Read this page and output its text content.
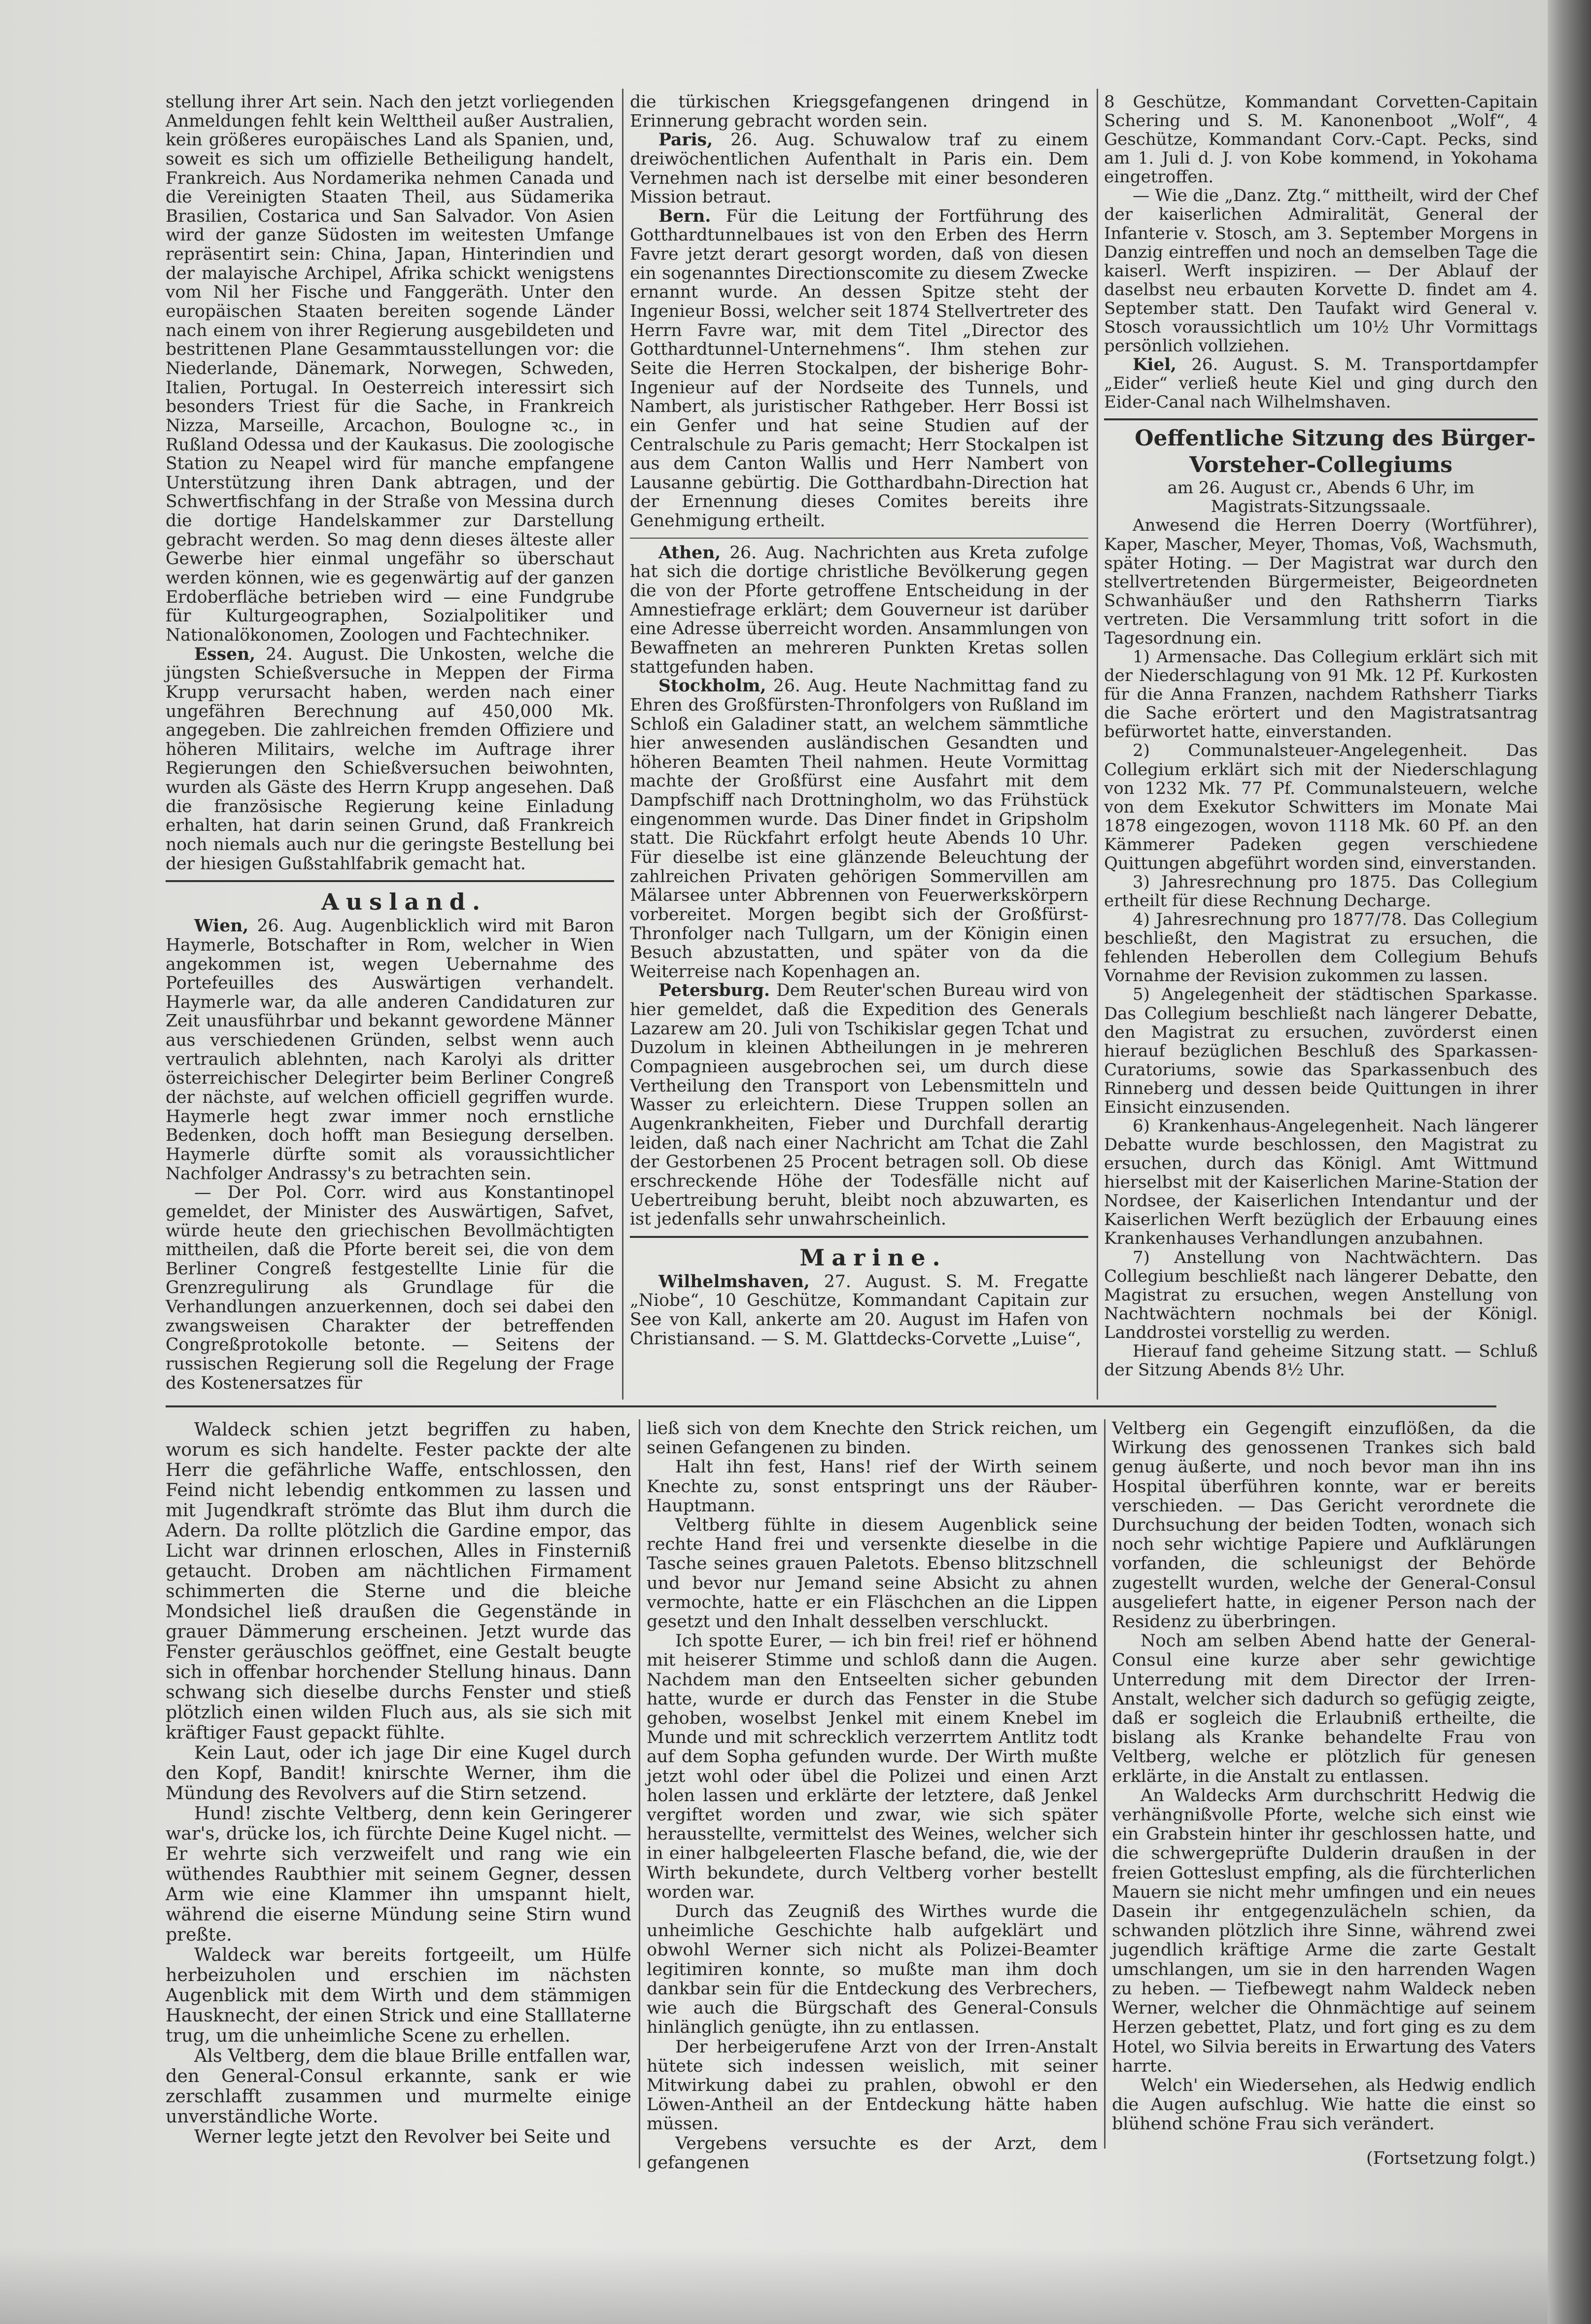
stellung ihrer Art sein. Nach den jetzt vorliegenden Anmeldungen fehlt kein Welttheil außer Australien, kein größeres europäisches Land als Spanien, und, soweit es sich um offizielle Betheiligung handelt, Frankreich. Aus Nordamerika nehmen Canada und die Vereinigten Staaten Theil, aus Südamerika Brasilien, Costarica und San Salvador. Von Asien wird der ganze Südosten im weitesten Umfange repräsentirt sein: China, Japan, Hinterindien und der malayische Archipel, Afrika schickt wenigstens vom Nil her Fische und Fanggeräth. Unter den europäischen Staaten bereiten sogende Länder nach einem von ihrer Regierung ausgebildeten und bestrittenen Plane Gesammtausstellungen vor: die Niederlande, Dänemark, Norwegen, Schweden, Italien, Portugal. In Oesterreich interessirt sich besonders Triest für die Sache, in Frankreich Nizza, Marseille, Arcachon, Boulogne ꝛc., in Rußland Odessa und der Kaukasus. Die zoologische Station zu Neapel wird für manche empfangene Unterstützung ihren Dank abtragen, und der Schwertfischfang in der Straße von Messina durch die dortige Handelskammer zur Darstellung gebracht werden. So mag denn dieses älteste aller Gewerbe hier einmal ungefähr so überschaut werden können, wie es gegenwärtig auf der ganzen Erdoberfläche betrieben wird — eine Fundgrube für Kulturgeographen, Sozialpolitiker und Nationalökonomen, Zoologen und Fachtechniker.

Essen, 24. August. Die Unkosten, welche die jüngsten Schießversuche in Meppen der Firma Krupp verursacht haben, werden nach einer ungefähren Berechnung auf 450,000 Mk. angegeben. Die zahlreichen fremden Offiziere und höheren Militairs, welche im Auftrage ihrer Regierungen den Schießversuchen beiwohnten, wurden als Gäste des Herrn Krupp angesehen. Daß die französische Regierung keine Einladung erhalten, hat darin seinen Grund, daß Frankreich noch niemals auch nur die geringste Bestellung bei der hiesigen Gußstahlfabrik gemacht hat.

Ausland.

Wien, 26. Aug. Augenblicklich wird mit Baron Haymerle, Botschafter in Rom, welcher in Wien angekommen ist, wegen Uebernahme des Portefeuilles des Auswärtigen verhandelt. Haymerle war, da alle anderen Candidaturen zur Zeit unausführbar und bekannt gewordene Männer aus verschiedenen Gründen, selbst wenn auch vertraulich ablehnten, nach Karolyi als dritter österreichischer Delegirter beim Berliner Congreß der nächste, auf welchen officiell gegriffen wurde. Haymerle hegt zwar immer noch ernstliche Bedenken, doch hofft man Besiegung derselben. Haymerle dürfte somit als voraussichtlicher Nachfolger Andrassy's zu betrachten sein.

— Der Pol. Corr. wird aus Konstantinopel gemeldet, der Minister des Auswärtigen, Safvet, würde heute den griechischen Bevollmächtigten mittheilen, daß die Pforte bereit sei, die von dem Berliner Congreß festgestellte Linie für die Grenzregulirung als Grundlage für die Verhandlungen anzuerkennen, doch sei dabei den zwangsweisen Charakter der betreffenden Congreßprotokolle betonte. — Seitens der russischen Regierung soll die Regelung der Frage des Kostenersatzes für

die türkischen Kriegsgefangenen dringend in Erinnerung gebracht worden sein.

Paris, 26. Aug. Schuwalow traf zu einem dreiwöchentlichen Aufenthalt in Paris ein. Dem Vernehmen nach ist derselbe mit einer besonderen Mission betraut.

Bern. Für die Leitung der Fortführung des Gotthardtunnelbaues ist von den Erben des Herrn Favre jetzt derart gesorgt worden, daß von diesen ein sogenanntes Directionscomite zu diesem Zwecke ernannt wurde. An dessen Spitze steht der Ingenieur Bossi, welcher seit 1874 Stellvertreter des Herrn Favre war, mit dem Titel „Director des Gotthardtunnel-Unternehmens“. Ihm stehen zur Seite die Herren Stockalpen, der bisherige Bohr-Ingenieur auf der Nordseite des Tunnels, und Nambert, als juristischer Rathgeber. Herr Bossi ist ein Genfer und hat seine Studien auf der Centralschule zu Paris gemacht; Herr Stockalpen ist aus dem Canton Wallis und Herr Nambert von Lausanne gebürtig. Die Gotthardbahn-Direction hat der Ernennung dieses Comites bereits ihre Genehmigung ertheilt.

Athen, 26. Aug. Nachrichten aus Kreta zufolge hat sich die dortige christliche Bevölkerung gegen die von der Pforte getroffene Entscheidung in der Amnestiefrage erklärt; dem Gouverneur ist darüber eine Adresse überreicht worden. Ansammlungen von Bewaffneten an mehreren Punkten Kretas sollen stattgefunden haben.

Stockholm, 26. Aug. Heute Nachmittag fand zu Ehren des Großfürsten-Thronfolgers von Rußland im Schloß ein Galadiner statt, an welchem sämmtliche hier anwesenden ausländischen Gesandten und höheren Beamten Theil nahmen. Heute Vormittag machte der Großfürst eine Ausfahrt mit dem Dampfschiff nach Drottningholm, wo das Frühstück eingenommen wurde. Das Diner findet in Gripsholm statt. Die Rückfahrt erfolgt heute Abends 10 Uhr. Für dieselbe ist eine glänzende Beleuchtung der zahlreichen Privaten gehörigen Sommervillen am Mälarsee unter Abbrennen von Feuerwerkskörpern vorbereitet. Morgen begibt sich der Großfürst-Thronfolger nach Tullgarn, um der Königin einen Besuch abzustatten, und später von da die Weiterreise nach Kopenhagen an.

Petersburg. Dem Reuter'schen Bureau wird von hier gemeldet, daß die Expedition des Generals Lazarew am 20. Juli von Tschikislar gegen Tchat und Duzolum in kleinen Abtheilungen in je mehreren Compagnieen ausgebrochen sei, um durch diese Vertheilung den Transport von Lebensmitteln und Wasser zu erleichtern. Diese Truppen sollen an Augenkrankheiten, Fieber und Durchfall derartig leiden, daß nach einer Nachricht am Tchat die Zahl der Gestorbenen 25 Procent betragen soll. Ob diese erschreckende Höhe der Todesfälle nicht auf Uebertreibung beruht, bleibt noch abzuwarten, es ist jedenfalls sehr unwahrscheinlich.

Marine.

Wilhelmshaven, 27. August. S. M. Fregatte „Niobe“, 10 Geschütze, Kommandant Capitain zur See von Kall, ankerte am 20. August im Hafen von Christiansand. — S. M. Glattdecks-Corvette „Luise“,

8 Geschütze, Kommandant Corvetten-Capitain Schering und S. M. Kanonenboot „Wolf“, 4 Geschütze, Kommandant Corv.-Capt. Pecks, sind am 1. Juli d. J. von Kobe kommend, in Yokohama eingetroffen.

— Wie die „Danz. Ztg.“ mittheilt, wird der Chef der kaiserlichen Admiralität, General der Infanterie v. Stosch, am 3. September Morgens in Danzig eintreffen und noch an demselben Tage die kaiserl. Werft inspiziren. — Der Ablauf der daselbst neu erbauten Korvette D. findet am 4. September statt. Den Taufakt wird General v. Stosch voraussichtlich um 10½ Uhr Vormittags persönlich vollziehen.

Kiel, 26. August. S. M. Transportdampfer „Eider“ verließ heute Kiel und ging durch den Eider-Canal nach Wilhelmshaven.

Oeffentliche Sitzung des Bürger-Vorsteher-Collegiums

am 26. August cr., Abends 6 Uhr, im

Magistrats-Sitzungssaale.

Anwesend die Herren Doerry (Wortführer), Kaper, Mascher, Meyer, Thomas, Voß, Wachsmuth, später Hoting. — Der Magistrat war durch den stellvertretenden Bürgermeister, Beigeordneten Schwanhäußer und den Rathsherrn Tiarks vertreten. Die Versammlung tritt sofort in die Tagesordnung ein.

1) Armensache. Das Collegium erklärt sich mit der Niederschlagung von 91 Mk. 12 Pf. Kurkosten für die Anna Franzen, nachdem Rathsherr Tiarks die Sache erörtert und den Magistratsantrag befürwortet hatte, einverstanden.

2) Communalsteuer-Angelegenheit. Das Collegium erklärt sich mit der Niederschlagung von 1232 Mk. 77 Pf. Communalsteuern, welche von dem Exekutor Schwitters im Monate Mai 1878 eingezogen, wovon 1118 Mk. 60 Pf. an den Kämmerer Padeken gegen verschiedene Quittungen abgeführt worden sind, einverstanden.

3) Jahresrechnung pro 1875. Das Collegium ertheilt für diese Rechnung Decharge.

4) Jahresrechnung pro 1877/78. Das Collegium beschließt, den Magistrat zu ersuchen, die fehlenden Heberollen dem Collegium Behufs Vornahme der Revision zukommen zu lassen.

5) Angelegenheit der städtischen Sparkasse. Das Collegium beschließt nach längerer Debatte, den Magistrat zu ersuchen, zuvörderst einen hierauf bezüglichen Beschluß des Sparkassen-Curatoriums, sowie das Sparkassenbuch des Rinneberg und dessen beide Quittungen in ihrer Einsicht einzusenden.

6) Krankenhaus-Angelegenheit. Nach längerer Debatte wurde beschlossen, den Magistrat zu ersuchen, durch das Königl. Amt Wittmund hierselbst mit der Kaiserlichen Marine-Station der Nordsee, der Kaiserlichen Intendantur und der Kaiserlichen Werft bezüglich der Erbauung eines Krankenhauses Verhandlungen anzubahnen.

7) Anstellung von Nachtwächtern. Das Collegium beschließt nach längerer Debatte, den Magistrat zu ersuchen, wegen Anstellung von Nachtwächtern nochmals bei der Königl. Landdrostei vorstellig zu werden.

Hierauf fand geheime Sitzung statt. — Schluß der Sitzung Abends 8½ Uhr.

Waldeck schien jetzt begriffen zu haben, worum es sich handelte. Fester packte der alte Herr die gefährliche Waffe, entschlossen, den Feind nicht lebendig entkommen zu lassen und mit Jugendkraft strömte das Blut ihm durch die Adern. Da rollte plötzlich die Gardine empor, das Licht war drinnen erloschen, Alles in Finsterniß getaucht. Droben am nächtlichen Firmament schimmerten die Sterne und die bleiche Mondsichel ließ draußen die Gegenstände in grauer Dämmerung erscheinen. Jetzt wurde das Fenster geräuschlos geöffnet, eine Gestalt beugte sich in offenbar horchender Stellung hinaus. Dann schwang sich dieselbe durchs Fenster und stieß plötzlich einen wilden Fluch aus, als sie sich mit kräftiger Faust gepackt fühlte.

Kein Laut, oder ich jage Dir eine Kugel durch den Kopf, Bandit! knirschte Werner, ihm die Mündung des Revolvers auf die Stirn setzend.

Hund! zischte Veltberg, denn kein Geringerer war's, drücke los, ich fürchte Deine Kugel nicht. — Er wehrte sich verzweifelt und rang wie ein wüthendes Raubthier mit seinem Gegner, dessen Arm wie eine Klammer ihn umspannt hielt, während die eiserne Mündung seine Stirn wund preßte.

Waldeck war bereits fortgeeilt, um Hülfe herbeizuholen und erschien im nächsten Augenblick mit dem Wirth und dem stämmigen Hausknecht, der einen Strick und eine Stalllaterne trug, um die unheimliche Scene zu erhellen.

Als Veltberg, dem die blaue Brille entfallen war, den General-Consul erkannte, sank er wie zerschlafft zusammen und murmelte einige unverständliche Worte.

Werner legte jetzt den Revolver bei Seite und

ließ sich von dem Knechte den Strick reichen, um seinen Gefangenen zu binden.

Halt ihn fest, Hans! rief der Wirth seinem Knechte zu, sonst entspringt uns der Räuber-Hauptmann.

Veltberg fühlte in diesem Augenblick seine rechte Hand frei und versenkte dieselbe in die Tasche seines grauen Paletots. Ebenso blitzschnell und bevor nur Jemand seine Absicht zu ahnen vermochte, hatte er ein Fläschchen an die Lippen gesetzt und den Inhalt desselben verschluckt.

Ich spotte Eurer, — ich bin frei! rief er höhnend mit heiserer Stimme und schloß dann die Augen. Nachdem man den Entseelten sicher gebunden hatte, wurde er durch das Fenster in die Stube gehoben, woselbst Jenkel mit einem Knebel im Munde und mit schrecklich verzerrtem Antlitz todt auf dem Sopha gefunden wurde. Der Wirth mußte jetzt wohl oder übel die Polizei und einen Arzt holen lassen und erklärte der letztere, daß Jenkel vergiftet worden und zwar, wie sich später herausstellte, vermittelst des Weines, welcher sich in einer halbgeleerten Flasche befand, die, wie der Wirth bekundete, durch Veltberg vorher bestellt worden war.

Durch das Zeugniß des Wirthes wurde die unheimliche Geschichte halb aufgeklärt und obwohl Werner sich nicht als Polizei-Beamter legitimiren konnte, so mußte man ihm doch dankbar sein für die Entdeckung des Verbrechers, wie auch die Bürgschaft des General-Consuls hinlänglich genügte, ihn zu entlassen.

Der herbeigerufene Arzt von der Irren-Anstalt hütete sich indessen weislich, mit seiner Mitwirkung dabei zu prahlen, obwohl er den Löwen-Antheil an der Entdeckung hätte haben müssen.

Vergebens versuchte es der Arzt, dem gefangenen

Veltberg ein Gegengift einzuflößen, da die Wirkung des genossenen Trankes sich bald genug äußerte, und noch bevor man ihn ins Hospital überführen konnte, war er bereits verschieden. — Das Gericht verordnete die Durchsuchung der beiden Todten, wonach sich noch sehr wichtige Papiere und Aufklärungen vorfanden, die schleunigst der Behörde zugestellt wurden, welche der General-Consul ausgeliefert hatte, in eigener Person nach der Residenz zu überbringen.

Noch am selben Abend hatte der General-Consul eine kurze aber sehr gewichtige Unterredung mit dem Director der Irren-Anstalt, welcher sich dadurch so gefügig zeigte, daß er sogleich die Erlaubniß ertheilte, die bislang als Kranke behandelte Frau von Veltberg, welche er plötzlich für genesen erklärte, in die Anstalt zu entlassen.

An Waldecks Arm durchschritt Hedwig die verhängnißvolle Pforte, welche sich einst wie ein Grabstein hinter ihr geschlossen hatte, und die schwergeprüfte Dulderin draußen in der freien Gotteslust empfing, als die fürchterlichen Mauern sie nicht mehr umfingen und ein neues Dasein ihr entgegenzulächeln schien, da schwanden plötzlich ihre Sinne, während zwei jugendlich kräftige Arme die zarte Gestalt umschlangen, um sie in den harrenden Wagen zu heben. — Tiefbewegt nahm Waldeck neben Werner, welcher die Ohnmächtige auf seinem Herzen gebettet, Platz, und fort ging es zu dem Hotel, wo Silvia bereits in Erwartung des Vaters harrte.

Welch' ein Wiedersehen, als Hedwig endlich die Augen aufschlug. Wie hatte die einst so blühend schöne Frau sich verändert.

(Fortsetzung folgt.)
